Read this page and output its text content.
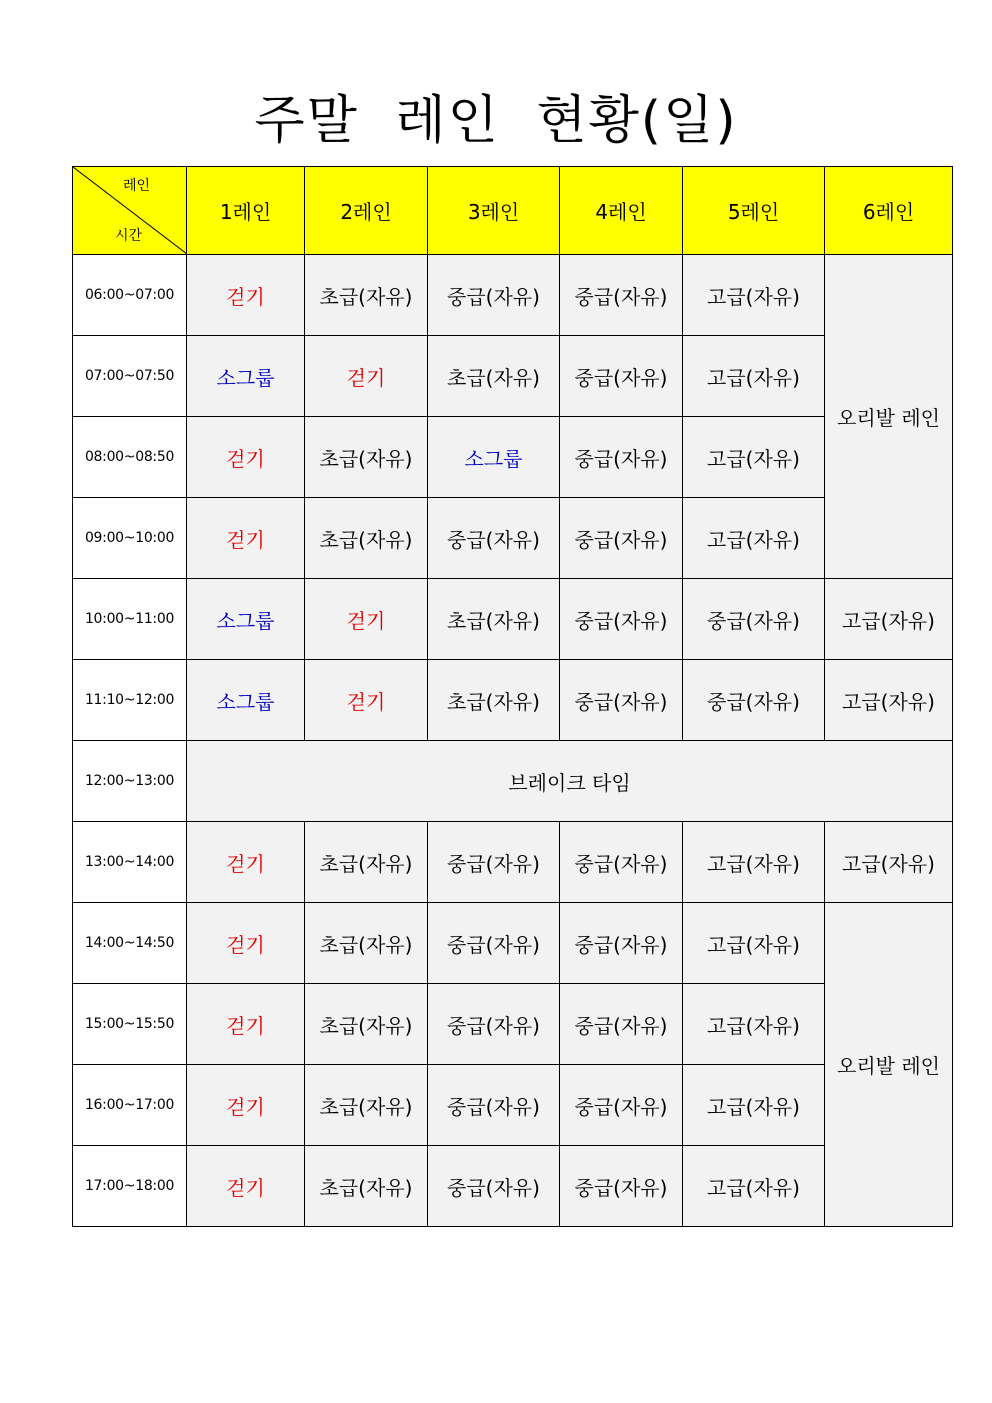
주말 레인 현황(일)
레인
시간	1레인	2레인	3레인	4레인	5레인	6레인
06:00~07:00	걷기	초급(자유)	중급(자유)	중급(자유)	고급(자유)	오리발 레인
07:00~07:50	소그룹	걷기	초급(자유)	중급(자유)	고급(자유)	
08:00~08:50	걷기	초급(자유)	소그룹	중급(자유)	고급(자유)	
09:00~10:00	걷기	초급(자유)	중급(자유)	중급(자유)	고급(자유)	
10:00~11:00	소그룹	걷기	초급(자유)	중급(자유)	중급(자유)	고급(자유)
11:10~12:00	소그룹	걷기	초급(자유)	중급(자유)	중급(자유)	고급(자유)
12:00~13:00	브레이크 타임					
13:00~14:00	걷기	초급(자유)	중급(자유)	중급(자유)	고급(자유)	고급(자유)
14:00~14:50	걷기	초급(자유)	중급(자유)	중급(자유)	고급(자유)	오리발 레인
15:00~15:50	걷기	초급(자유)	중급(자유)	중급(자유)	고급(자유)	
16:00~17:00	걷기	초급(자유)	중급(자유)	중급(자유)	고급(자유)	
17:00~18:00	걷기	초급(자유)	중급(자유)	중급(자유)	고급(자유)	
